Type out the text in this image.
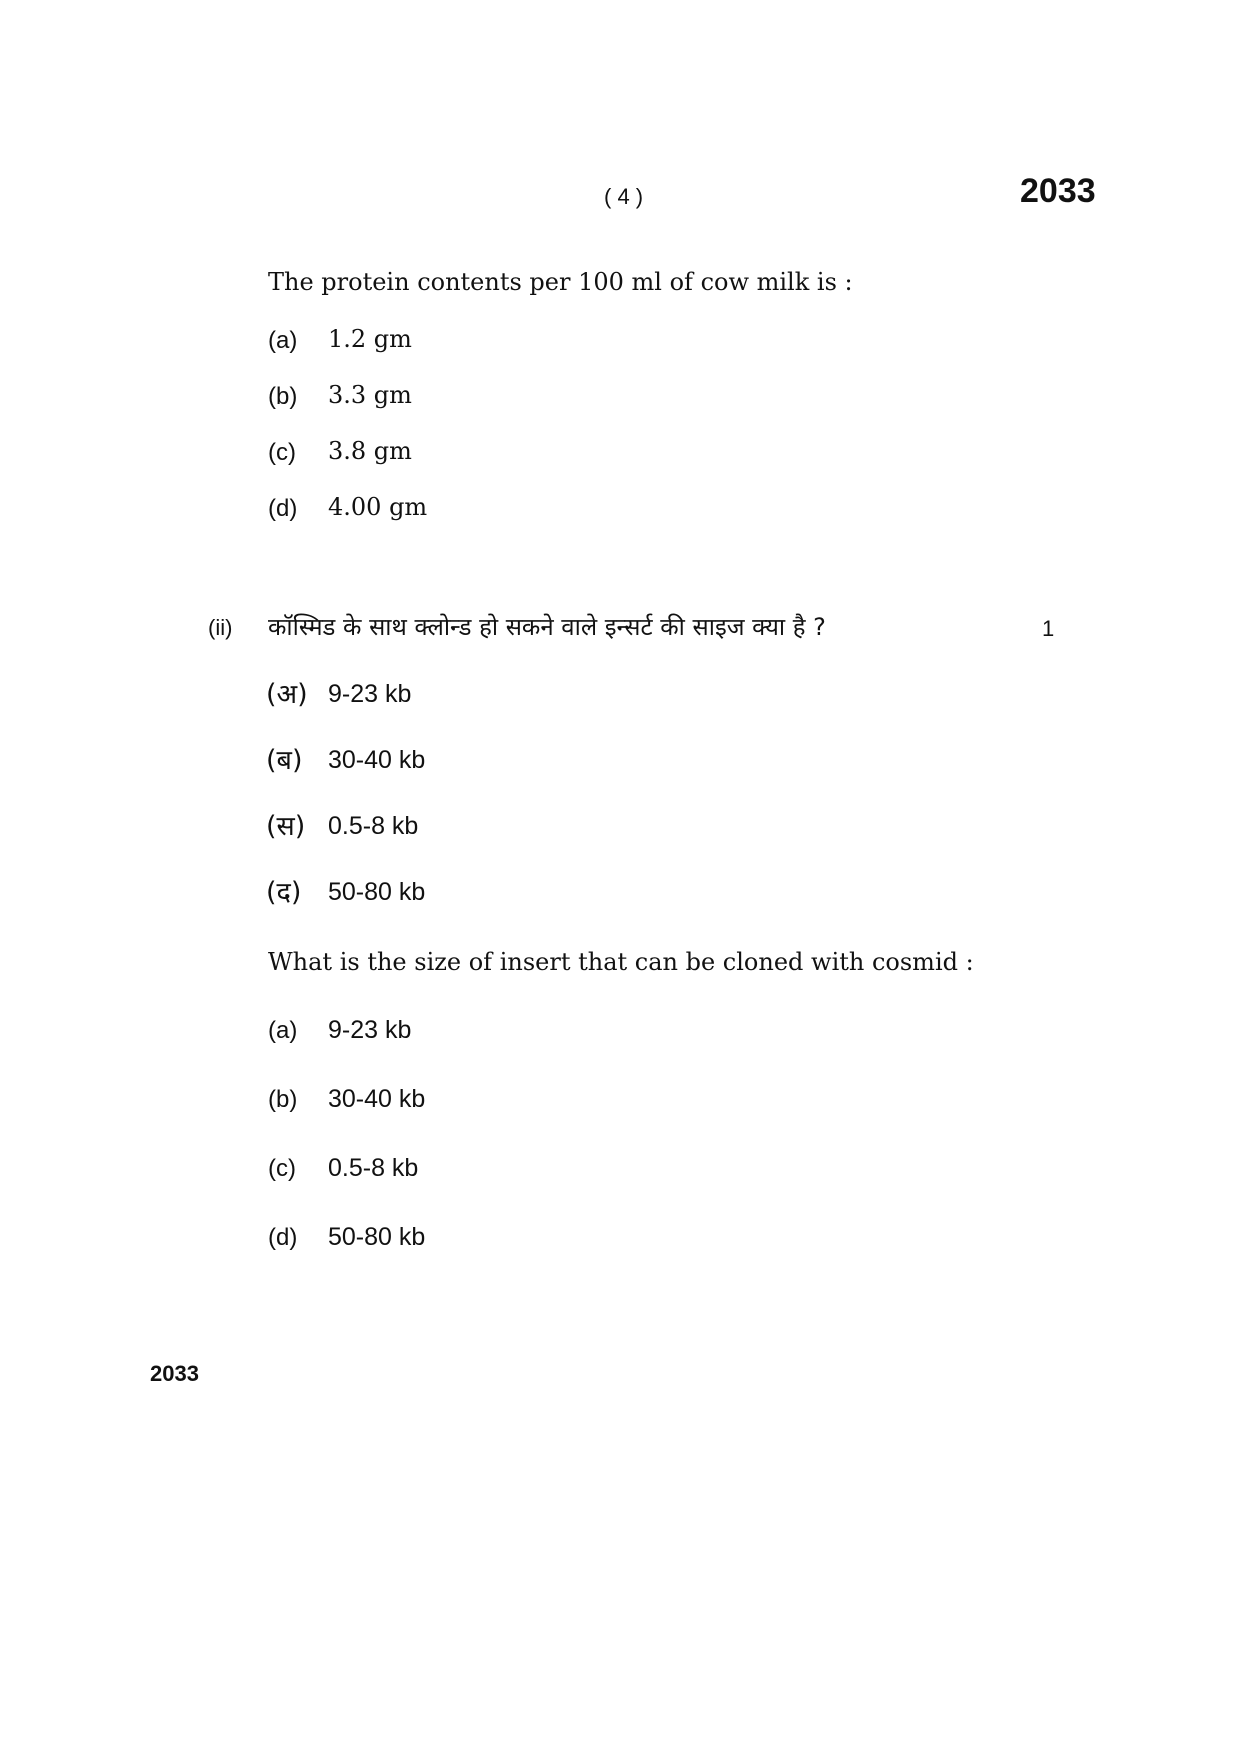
( 4 )	2033
The protein contents per 100 ml of cow milk is :
(a) 1.2 gm
(b) 3.3 gm
(c) 3.8 gm
(d) 4.00 gm
(ii) कॉस्मिड के साथ क्लोन्ड हो सकने वाले इन्सर्ट की साइज क्या है ?	1
(अ) 9-23 kb
(ब) 30-40 kb
(स) 0.5-8 kb
(द) 50-80 kb
What is the size of insert that can be cloned with cosmid :
(a) 9-23 kb
(b) 30-40 kb
(c) 0.5-8 kb
(d) 50-80 kb
2033
